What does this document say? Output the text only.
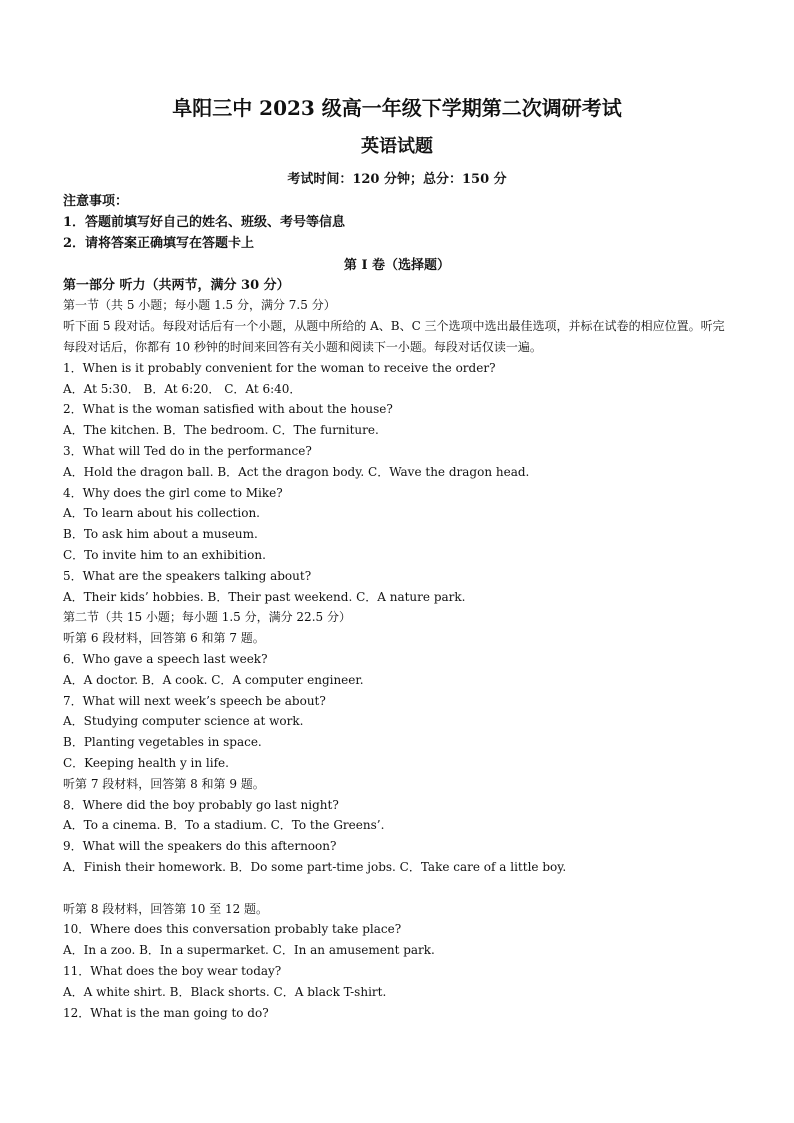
阜阳三中 2023 级高一年级下学期第二次调研考试
英语试题
考试时间：120 分钟；总分：150 分
注意事项：
1．答题前填写好自己的姓名、班级、考号等信息
2．请将答案正确填写在答题卡上
第 I 卷（选择题）
第一部分 听力（共两节，满分 30 分）
第一节（共 5 小题；每小题 1.5 分，满分 7.5 分）
听下面 5 段对话。每段对话后有一个小题，从题中所给的 A、B、C 三个选项中选出最佳选项，并标在试卷的相应位置。听完每段对话后，你都有 10 秒钟的时间来回答有关小题和阅读下一小题。每段对话仅读一遍。
1．When is it probably convenient for the woman to receive the order?
A．At 5:30． B．At 6:20． C．At 6:40．
2．What is the woman satisfied with about the house?
A．The kitchen. B．The bedroom. C．The furniture.
3．What will Ted do in the performance?
A．Hold the dragon ball. B．Act the dragon body. C．Wave the dragon head.
4．Why does the girl come to Mike?
A．To learn about his collection.
B．To ask him about a museum.
C．To invite him to an exhibition.
5．What are the speakers talking about?
A．Their kids’ hobbies. B．Their past weekend. C．A nature park.
第二节（共 15 小题；每小题 1.5 分，满分 22.5 分）
听第 6 段材料，回答第 6 和第 7 题。
6．Who gave a speech last week?
A．A doctor. B．A cook. C．A computer engineer.
7．What will next week’s speech be about?
A．Studying computer science at work.
B．Planting vegetables in space.
C．Keeping health y in life.
听第 7 段材料，回答第 8 和第 9 题。
8．Where did the boy probably go last night?
A．To a cinema. B．To a stadium. C．To the Greens’.
9．What will the speakers do this afternoon?
A．Finish their homework. B．Do some part-time jobs. C．Take care of a little boy.
听第 8 段材料，回答第 10 至 12 题。
10．Where does this conversation probably take place?
A．In a zoo. B．In a supermarket. C．In an amusement park.
11．What does the boy wear today?
A．A white shirt. B．Black shorts. C．A black T-shirt.
12．What is the man going to do?
